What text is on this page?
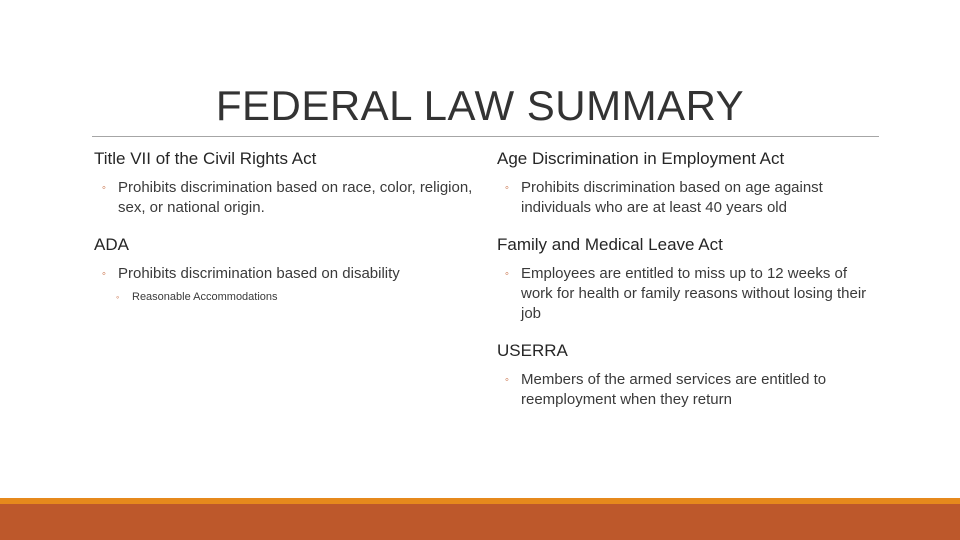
FEDERAL LAW SUMMARY
Title VII of the Civil Rights Act
◦ Prohibits discrimination based on race, color, religion, sex, or national origin.
ADA
◦ Prohibits discrimination based on disability
◦ Reasonable Accommodations
Age Discrimination in Employment Act
◦ Prohibits discrimination based on age against individuals who are at least 40 years old
Family and Medical Leave Act
◦ Employees are entitled to miss up to 12 weeks of work for health or family reasons without losing their job
USERRA
◦ Members of the armed services are entitled to reemployment when they return
